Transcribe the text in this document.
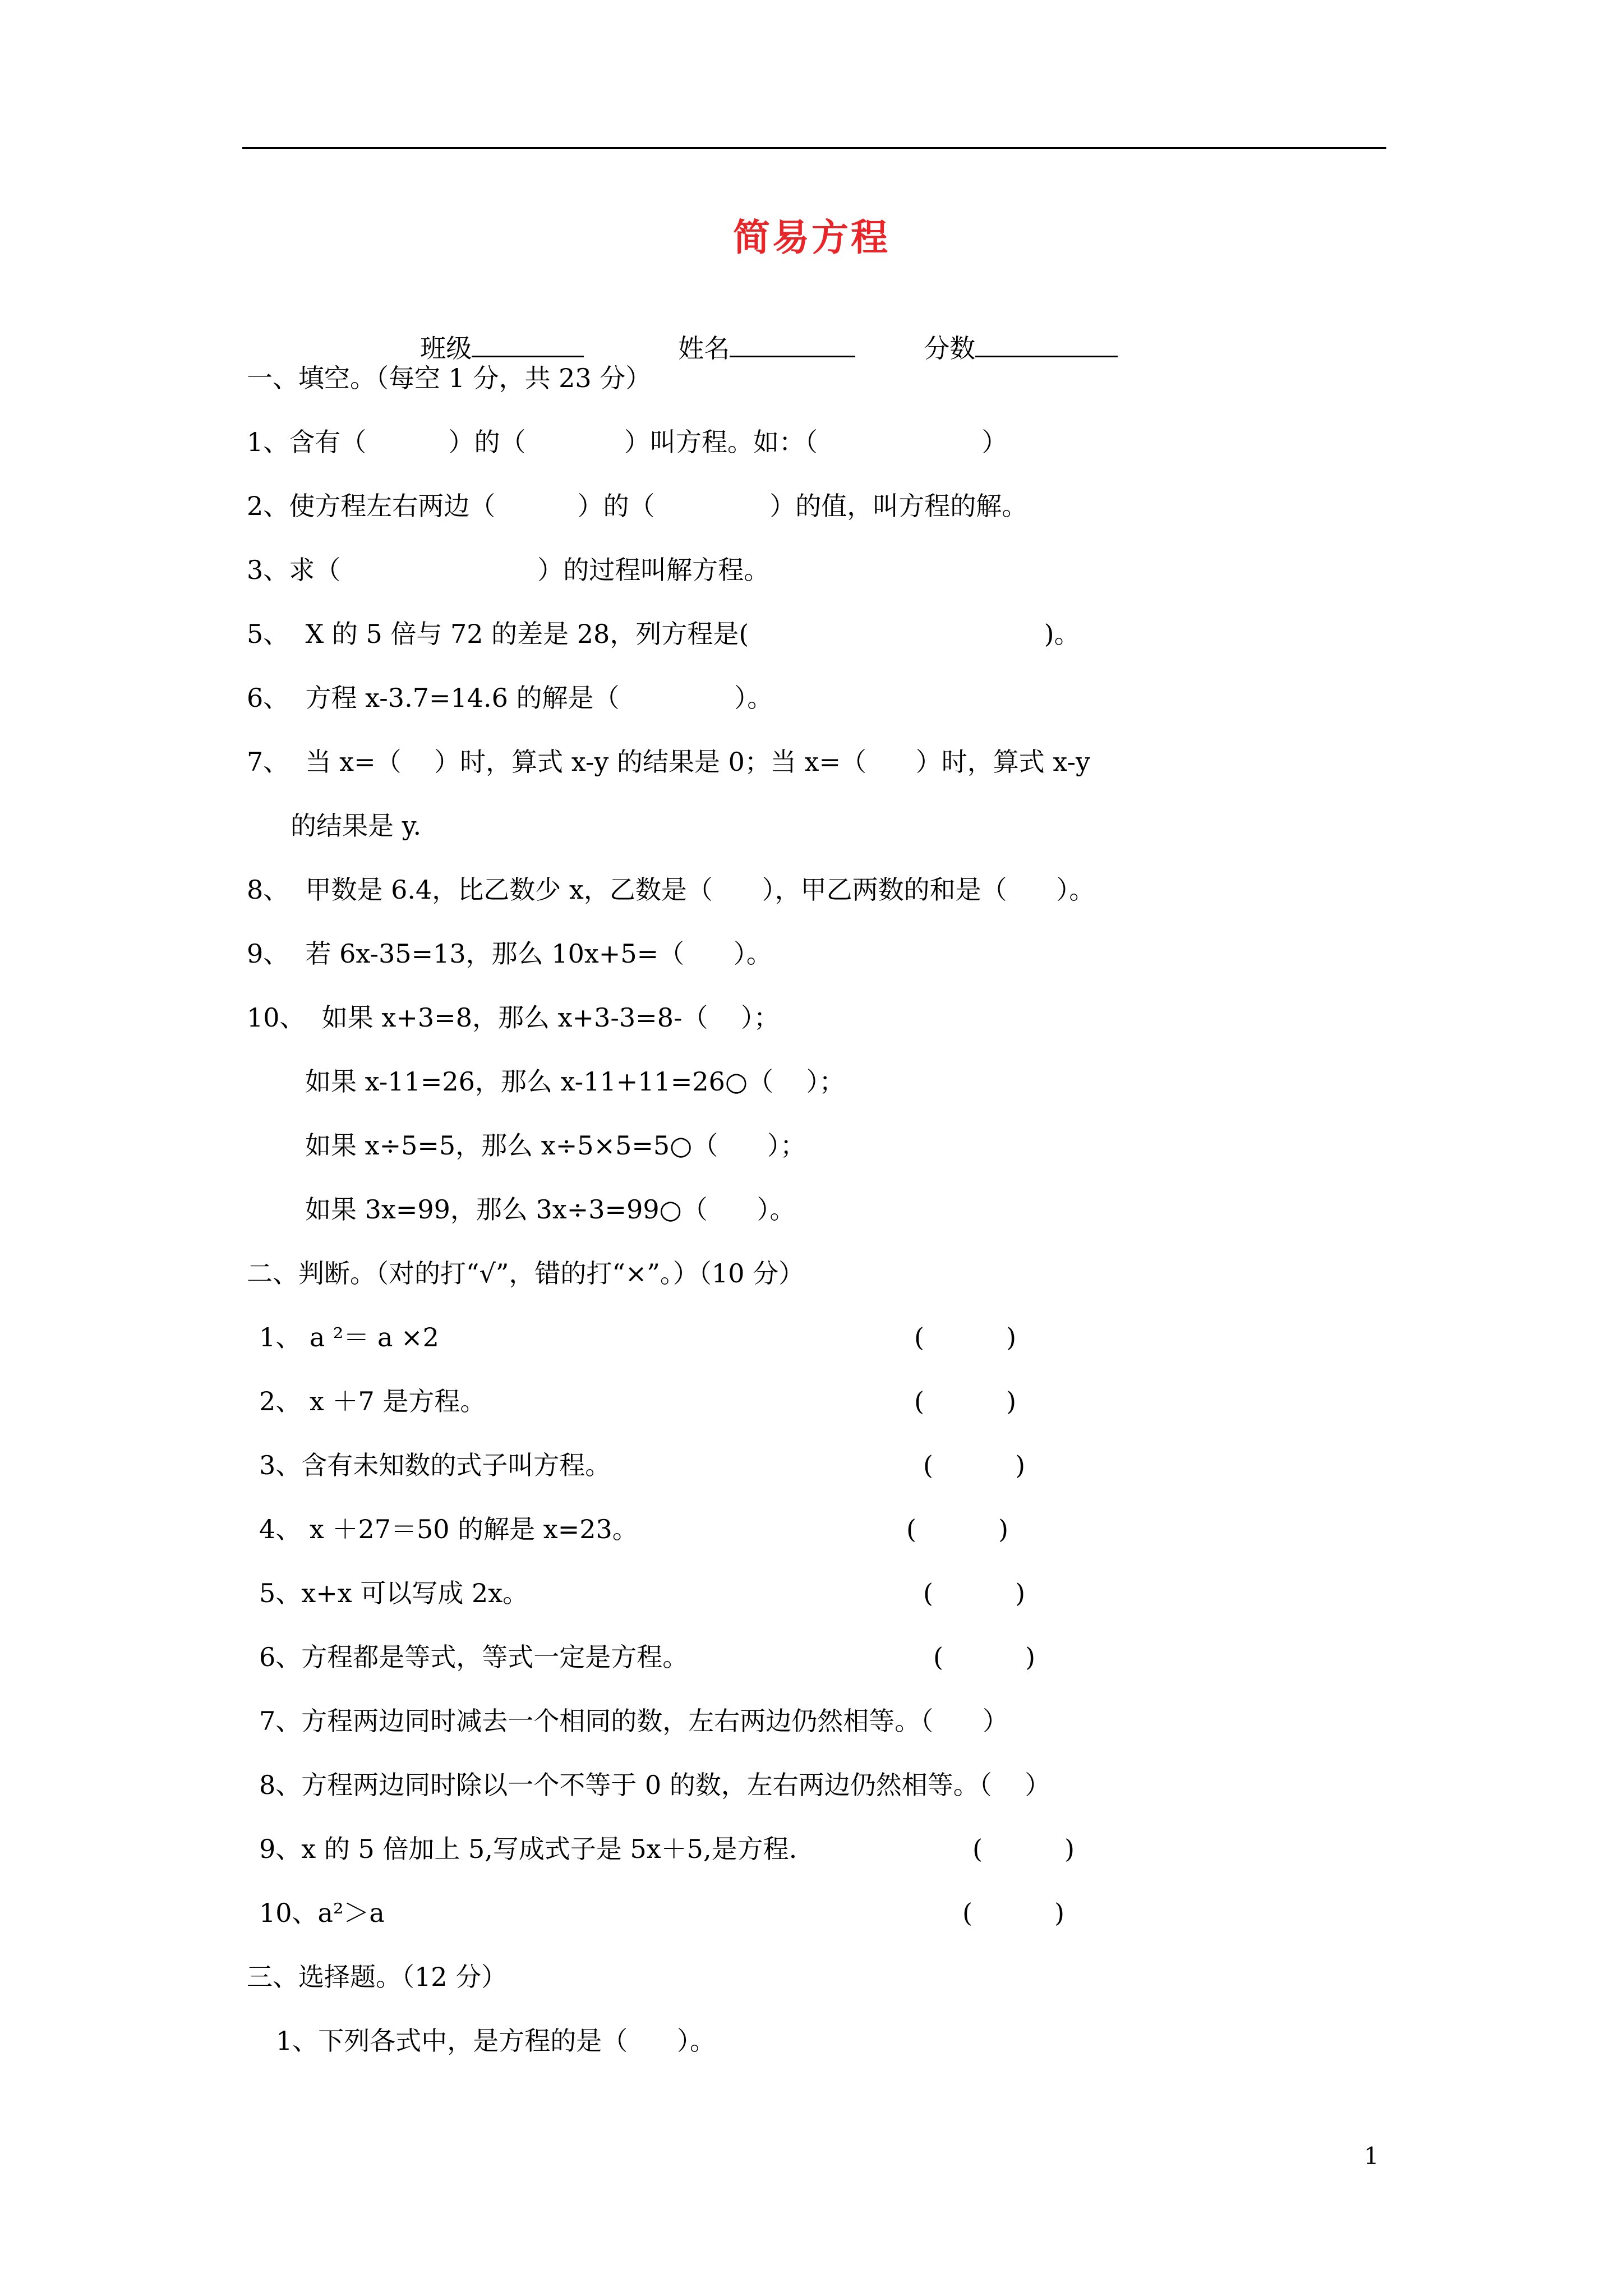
简易方程

班级	姓名	分数

一、填空。（每空 1 分，共 23 分）
1、含有（          ）的（            ）叫方程。如：（                    ）
2、使方程左右两边（          ）的（              ）的值，叫方程的解。
3、求（                        ）的过程叫解方程。
5、  X 的 5 倍与 72 的差是 28，列方程是(                                    )。
6、  方程 x-3.7=14.6 的解是（              ）。
7、  当 x=（    ）时，算式 x-y 的结果是 0；当 x=（      ）时，算式 x-y
的结果是 y.
8、  甲数是 6.4，比乙数少 x，乙数是（      ），甲乙两数的和是（      ）。
9、  若 6x-35=13，那么 10x+5=（      ）。
10、  如果 x+3=8，那么 x+3-3=8-（    ）；
如果 x-11=26，那么 x-11+11=26○（    ）；
如果 x÷5=5，那么 x÷5×5=5○（      ）；
如果 3x=99，那么 3x÷3=99○（      ）。
二、判断。（对的打“√”，错的打“×”。）（10 分）
1、 a ²＝ a ×2	(          )
2、 x ＋7 是方程。	(          )
3、含有未知数的式子叫方程。	(          )
4、 x ＋27＝50 的解是 x=23。	(          )
5、x+x 可以写成 2x。	(          )
6、方程都是等式，等式一定是方程。	(          )
7、方程两边同时减去一个相同的数，左右两边仍然相等。（      ）
8、方程两边同时除以一个不等于 0 的数，左右两边仍然相等。（    ）
9、x 的 5 倍加上 5,写成式子是 5x＋5,是方程.	(          )
10、a²＞a	(          )
三、选择题。（12 分）
1、下列各式中，是方程的是（      ）。
1
